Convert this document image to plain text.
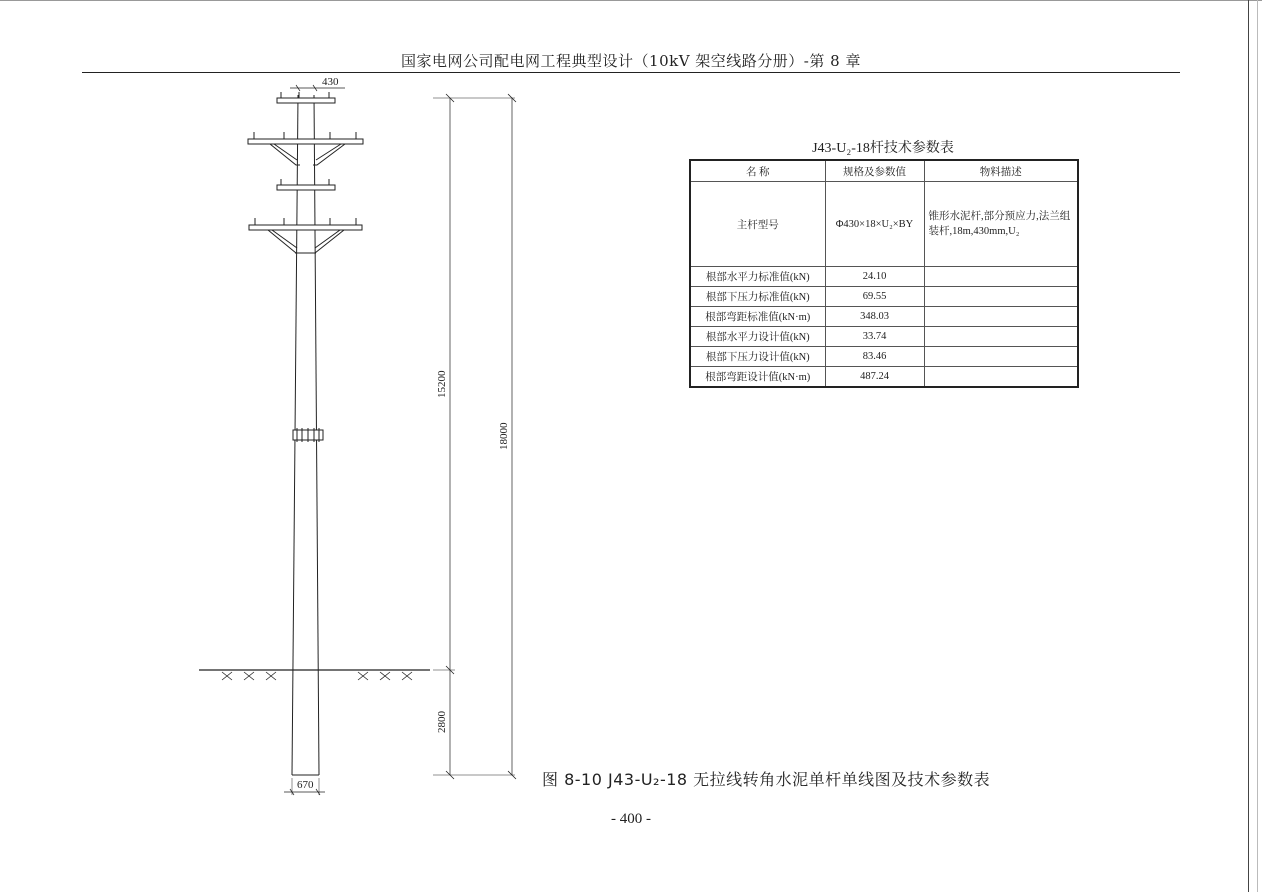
国家电网公司配电网工程典型设计（10kV 架空线路分册）-第 8 章
430
670
15200
18000
2800
J43-U₂-18杆技术参数表
名 称	规格及参数值	物料描述
主杆型号	Φ430×18×U₂×BY	锥形水泥杆,部分预应力,法兰组装杆,18m,430mm,U₂
根部水平力标准值(kN)	24.10	
根部下压力标准值(kN)	69.55	
根部弯距标准值(kN·m)	348.03	
根部水平力设计值(kN)	33.74	
根部下压力设计值(kN)	83.46	
根部弯距设计值(kN·m)	487.24	
图 8-10 J43-U₂-18 无拉线转角水泥单杆单线图及技术参数表
- 400 -
